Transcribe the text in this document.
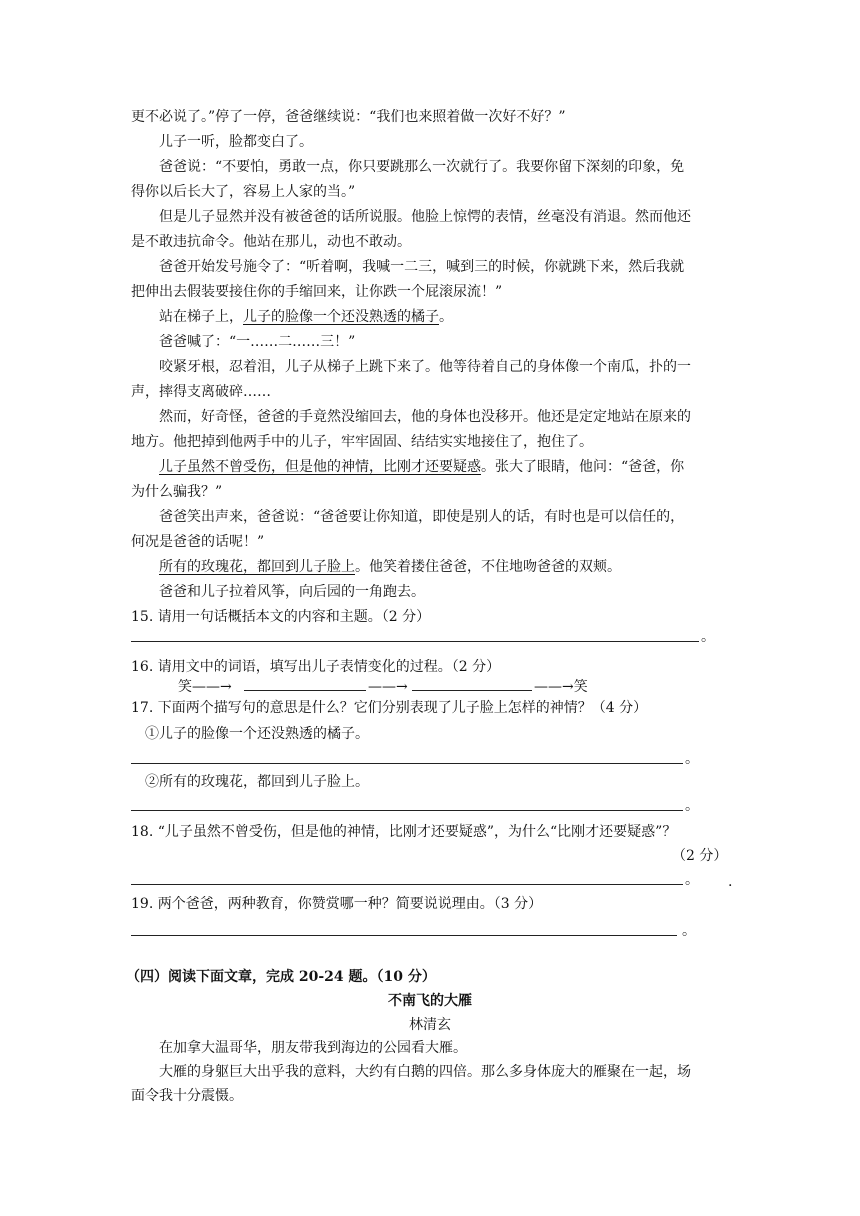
更不必说了。”停了一停，爸爸继续说：“我们也来照着做一次好不好？”
儿子一听，脸都变白了。
爸爸说：“不要怕，勇敢一点，你只要跳那么一次就行了。我要你留下深刻的印象，免
得你以后长大了，容易上人家的当。”
但是儿子显然并没有被爸爸的话所说服。他脸上惊愕的表情，丝毫没有消退。然而他还
是不敢违抗命令。他站在那儿，动也不敢动。
爸爸开始发号施令了：“听着啊，我喊一二三，喊到三的时候，你就跳下来，然后我就
把伸出去假装要接住你的手缩回来，让你跌一个屁滚尿流！”
站在梯子上，儿子的脸像一个还没熟透的橘子。
爸爸喊了：“一……二……三！”
咬紧牙根，忍着泪，儿子从梯子上跳下来了。他等待着自己的身体像一个南瓜，扑的一
声，摔得支离破碎……
然而，好奇怪，爸爸的手竟然没缩回去，他的身体也没移开。他还是定定地站在原来的
地方。他把掉到他两手中的儿子，牢牢固固、结结实实地接住了，抱住了。
儿子虽然不曾受伤，但是他的神情，比刚才还要疑惑。张大了眼睛，他问：“爸爸，你
为什么骗我？”
爸爸笑出声来，爸爸说：“爸爸要让你知道，即使是别人的话，有时也是可以信任的，
何况是爸爸的话呢！”
所有的玫瑰花，都回到儿子脸上。他笑着搂住爸爸，不住地吻爸爸的双颊。
爸爸和儿子拉着风筝，向后园的一角跑去。
15. 请用一句话概括本文的内容和主题。（2 分）
。
16. 请用文中的词语，填写出儿子表情变化的过程。（2 分）
笑——→	——→	——→笑
17. 下面两个描写句的意思是什么？它们分别表现了儿子脸上怎样的神情？（4 分）
①儿子的脸像一个还没熟透的橘子。
。
②所有的玫瑰花，都回到儿子脸上。
。
18. “儿子虽然不曾受伤，但是他的神情，比刚才还要疑惑”，为什么“比刚才还要疑惑”？
（2 分）
。 .
19. 两个爸爸，两种教育，你赞赏哪一种？简要说说理由。（3 分）
。
（四）阅读下面文章，完成 20-24 题。（10 分）
不南飞的大雁
林清玄
在加拿大温哥华，朋友带我到海边的公园看大雁。
大雁的身躯巨大出乎我的意料，大约有白鹅的四倍。那么多身体庞大的雁聚在一起，场
面令我十分震慑。
